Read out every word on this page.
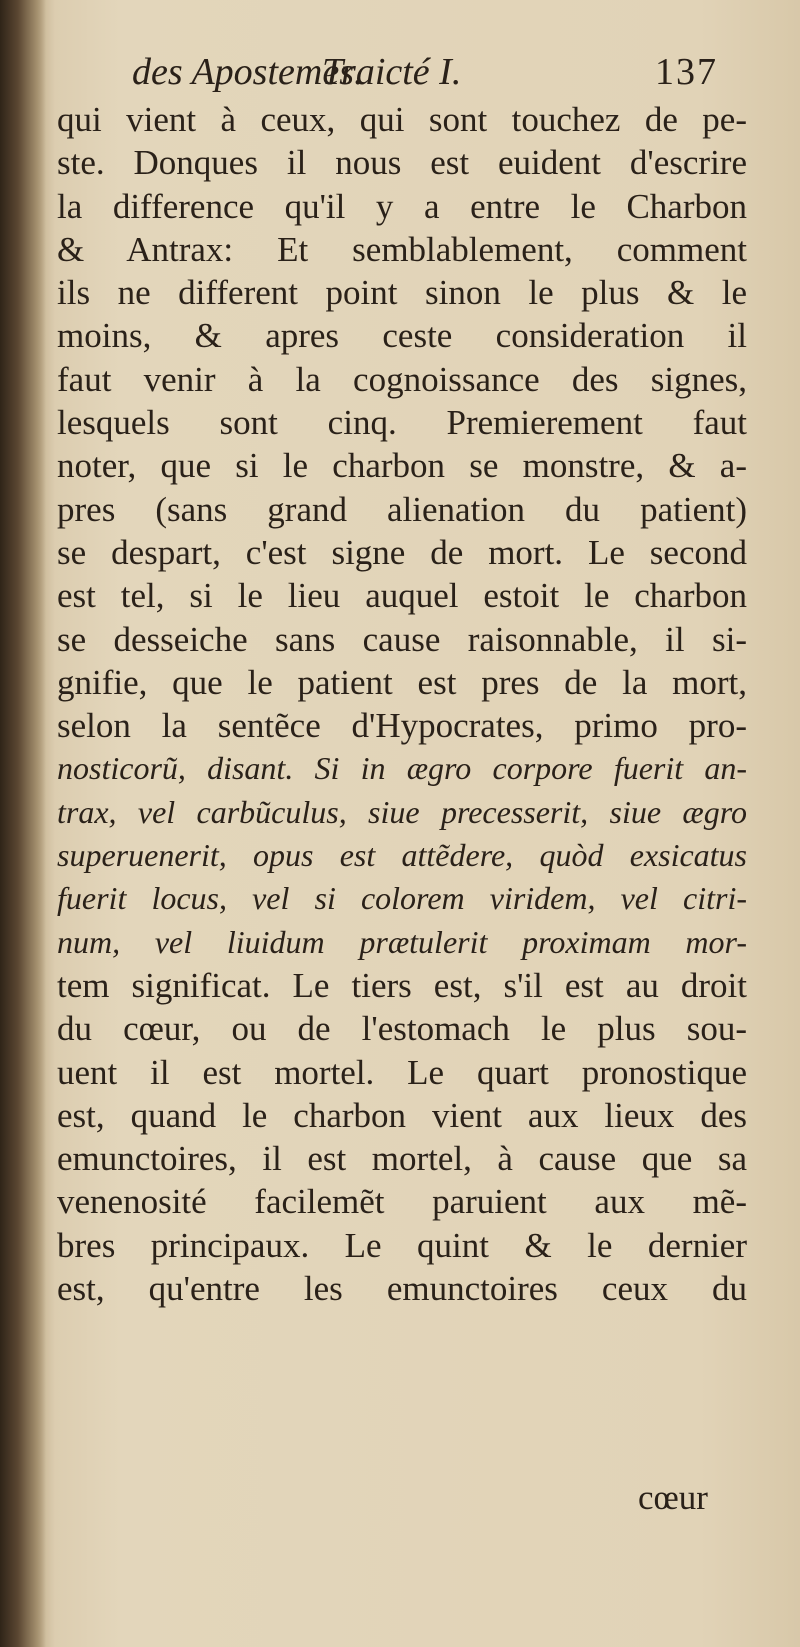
des Apostemes.
Traicté I.	137
qui vient à ceux, qui sont touchez de pe-
ste. Donques il nous est euident d'escrire
la difference qu'il y a entre le Charbon
& Antrax: Et semblablement, comment
ils ne different point sinon le plus & le
moins, & apres ceste consideration il
faut venir à la cognoissance des signes,
lesquels sont cinq. Premierement faut
noter, que si le charbon se monstre, & a-
pres (sans grand alienation du patient)
se despart, c'est signe de mort. Le second
est tel, si le lieu auquel estoit le charbon
se desseiche sans cause raisonnable, il si-
gnifie, que le patient est pres de la mort,
selon la sentẽce d'Hypocrates, primo pro-
nosticorũ, disant. Si in ægro corpore fuerit an-
trax, vel carbũculus, siue precesserit, siue ægro
superuenerit, opus est attẽdere, quòd exsicatus
fuerit locus, vel si colorem viridem, vel citri-
num, vel liuidum prætulerit proximam mor-
tem significat. Le tiers est, s'il est au droit
du cœur, ou de l'estomach le plus sou-
uent il est mortel. Le quart pronostique
est, quand le charbon vient aux lieux des
emunctoires, il est mortel, à cause que sa
venenosité facilemẽt paruient aux mẽ-
bres principaux. Le quint & le dernier
est, qu'entre les emunctoires ceux du
cœur
